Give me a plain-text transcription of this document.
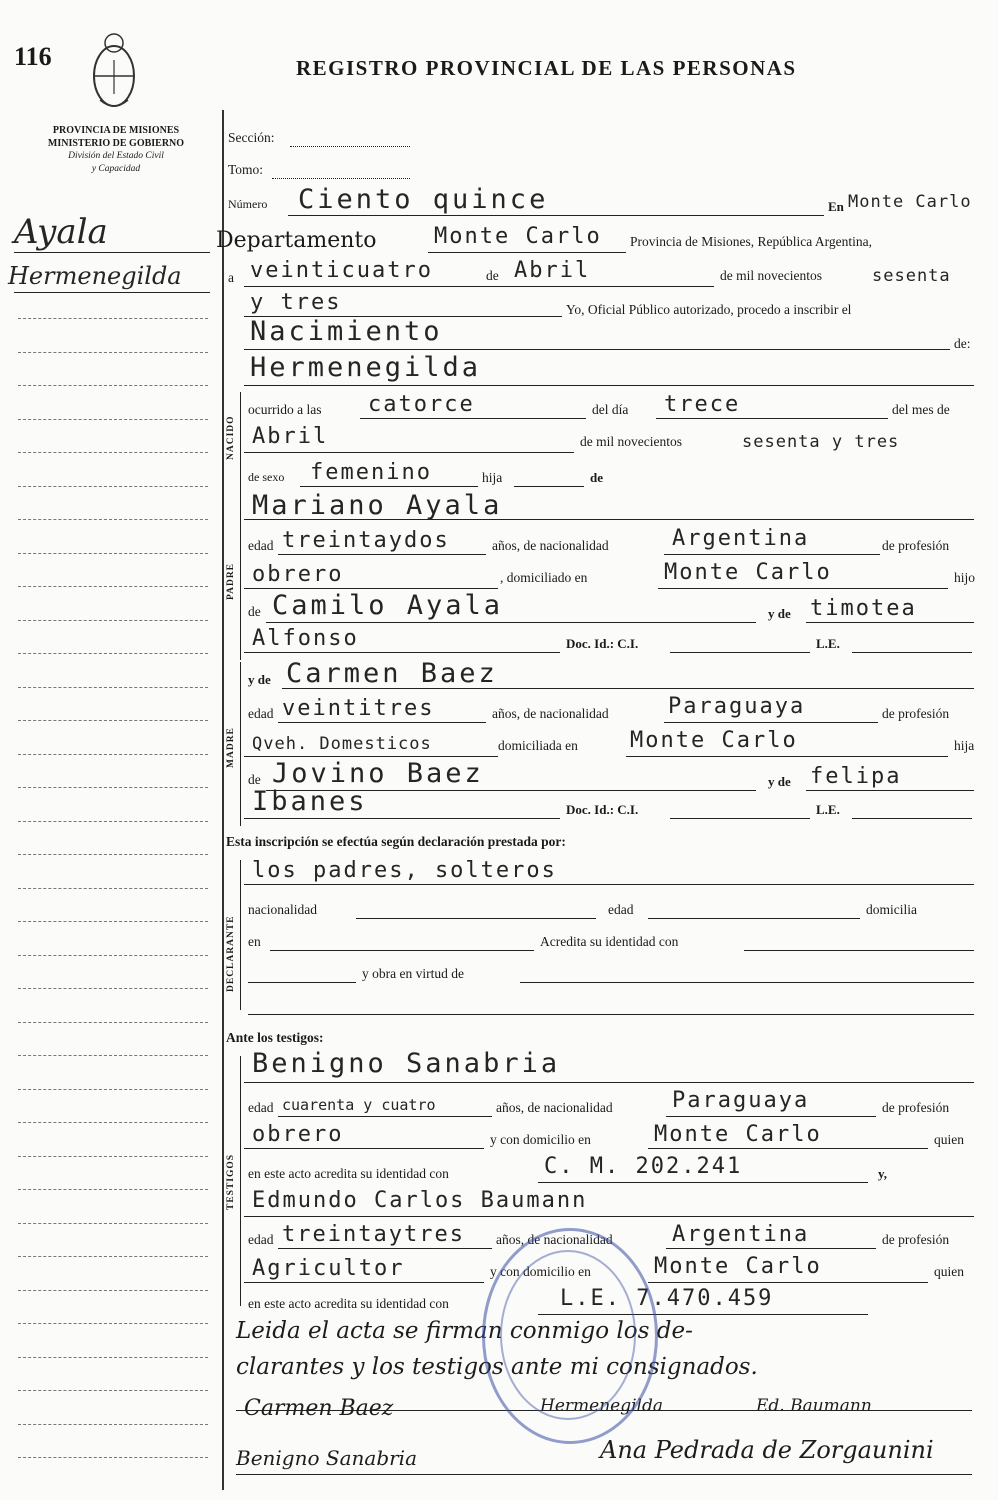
116	REGISTRO PROVINCIAL DE LAS PERSONAS
PROVINCIA DE MISIONES
MINISTERIO DE GOBIERNO
División del Estado Civil
y Capacidad
Ayala
Hermenegilda
Sección:
Tomo:
Número Ciento quince	En Monte Carlo
Departamento	Monte Carlo Provincia de Misiones, República Argentina,
a veinticuatro	de Abril	de mil novecientos	sesenta
y tres	Yo, Oficial Público autorizado, procedo a inscribir el
Nacimiento	de:
NACIDO
Hermenegilda
ocurrido a las catorce	del día trece	del mes de
Abril	de mil novecientos	sesenta y tres
de sexo femenino	hija	de
PADRE
Mariano Ayala
edad treintaydos	años, de nacionalidad	Argentina	de profesión
obrero	, domiciliado en	Monte Carlo	hijo
de Camilo Ayala	y de timotea
Alfonso	Doc. Id.: C.I.	L.E.
MADRE
y de Carmen Baez
edad veintitres	años, de nacionalidad	Paraguaya	de profesión
Qveh. Domesticos	domiciliada en Monte Carlo	hija
de Jovino Baez	y de felipa
Ibanes	Doc. Id.: C.I.	L.E.
Esta inscripción se efectúa según declaración prestada por:
DECLARANTE
los padres, solteros
nacionalidad	edad	domicilia
en	Acredita su identidad con
y obra en virtud de
Ante los testigos:
TESTIGOS
Benigno Sanabria
edad cuarenta y cuatro	años, de nacionalidad	Paraguaya	de profesión
obrero	y con domicilio en	Monte Carlo	quien
en este acto acredita su identidad con	C. M. 202.241	y,
Edmundo Carlos Baumann
edad treintaytres años, de nacionalidad	Argentina	de profesión
Agricultor	y con domicilio en	Monte Carlo	quien
en este acto acredita su identidad con	L.E. 7.470.459
Leida el acta se firman conmigo los de-
clarantes y los testigos ante mi consignados.
Carmen Baez	Hermenegilda	Ed. Baumann
Benigno Sanabria	Ana Pedrada de Zorgaunini
